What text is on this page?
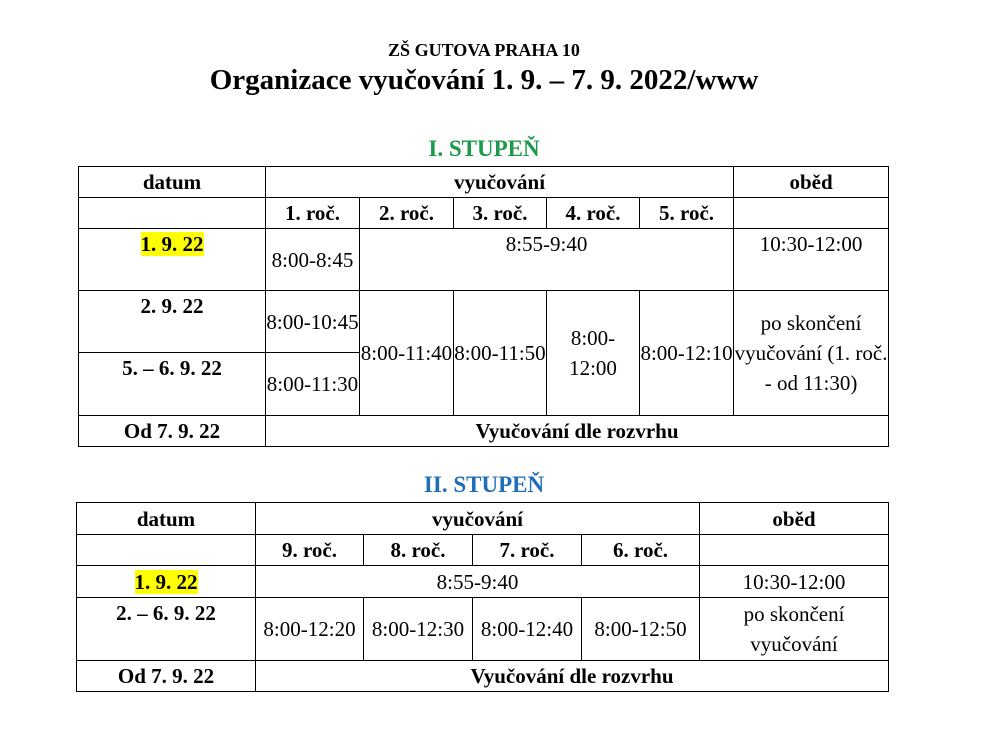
ZŠ GUTOVA PRAHA 10
Organizace vyučování 1. 9. – 7. 9. 2022/www
I. STUPEŇ
datum	vyučování					oběd
	1. roč.	2. roč.	3. roč.	4. roč.	5. roč.	
1. 9. 22	8:00-8:45	8:55-9:40				10:30-12:00
2. 9. 22	8:00-10:45	8:00-11:40	8:00-11:50	8:00-12:00	8:00-12:10	po skončení vyučování (1. roč. - od 11:30)
5. – 6. 9. 22	8:00-11:30					
Od 7. 9. 22	Vyučování dle rozvrhu					
II. STUPEŇ
datum	vyučování				oběd
	9. roč.	8. roč.	7. roč.	6. roč.	
1. 9. 22	8:55-9:40				10:30-12:00
2. – 6. 9. 22	8:00-12:20	8:00-12:30	8:00-12:40	8:00-12:50	po skončení vyučování
Od 7. 9. 22	Vyučování dle rozvrhu				
